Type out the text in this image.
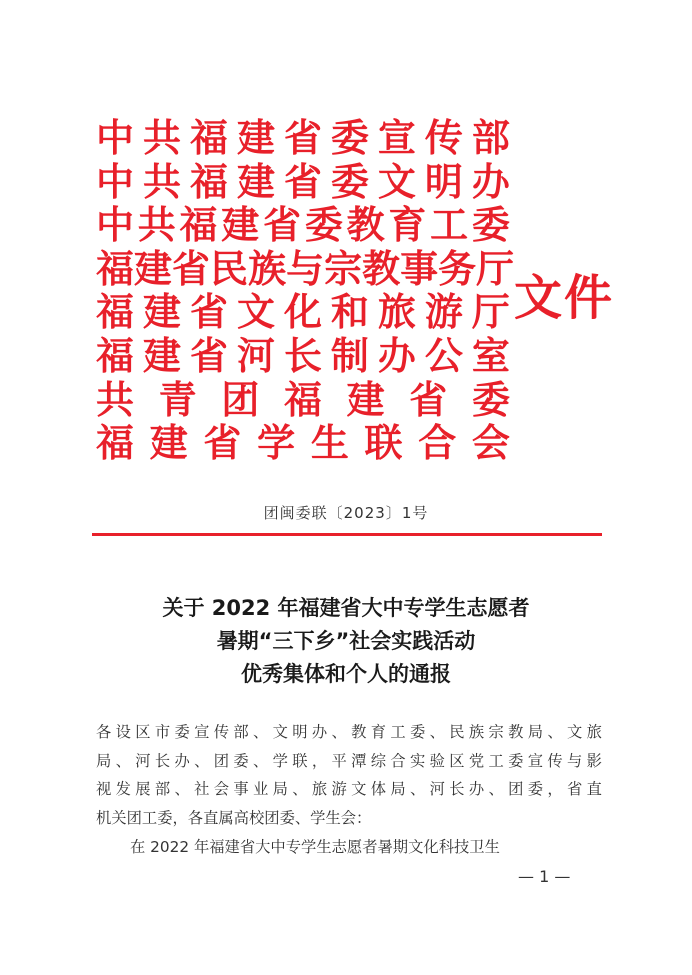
中 共 福 建 省 委 宣 传 部
中 共 福 建 省 委 文 明 办
中 共 福 建 省 委 教 育 工 委
福 建 省 民 族 与 宗 教 事 务 厅
福 建 省 文 化 和 旅 游 厅
福 建 省 河 长 制 办 公 室
共 青 团 福 建 省 委
福 建 省 学 生 联 合 会
文件
团闽委联〔2023〕1号
关于 2022 年福建省大中专学生志愿者
暑期“三下乡”社会实践活动
优秀集体和个人的通报
各 设 区 市 委 宣 传 部 、 文 明 办 、 教 育 工 委 、 民 族 宗 教 局 、 文 旅
局 、 河 长 办 、 团 委 、 学 联 ， 平 潭 综 合 实 验 区 党 工 委 宣 传 与 影
视 发 展 部 、 社 会 事 业 局 、 旅 游 文 体 局 、 河 长 办 、 团 委 ， 省 直
机关团工委，各直属高校团委、学生会：
在 2022 年福建省大中专学生志愿者暑期文化科技卫生
— 1 —
